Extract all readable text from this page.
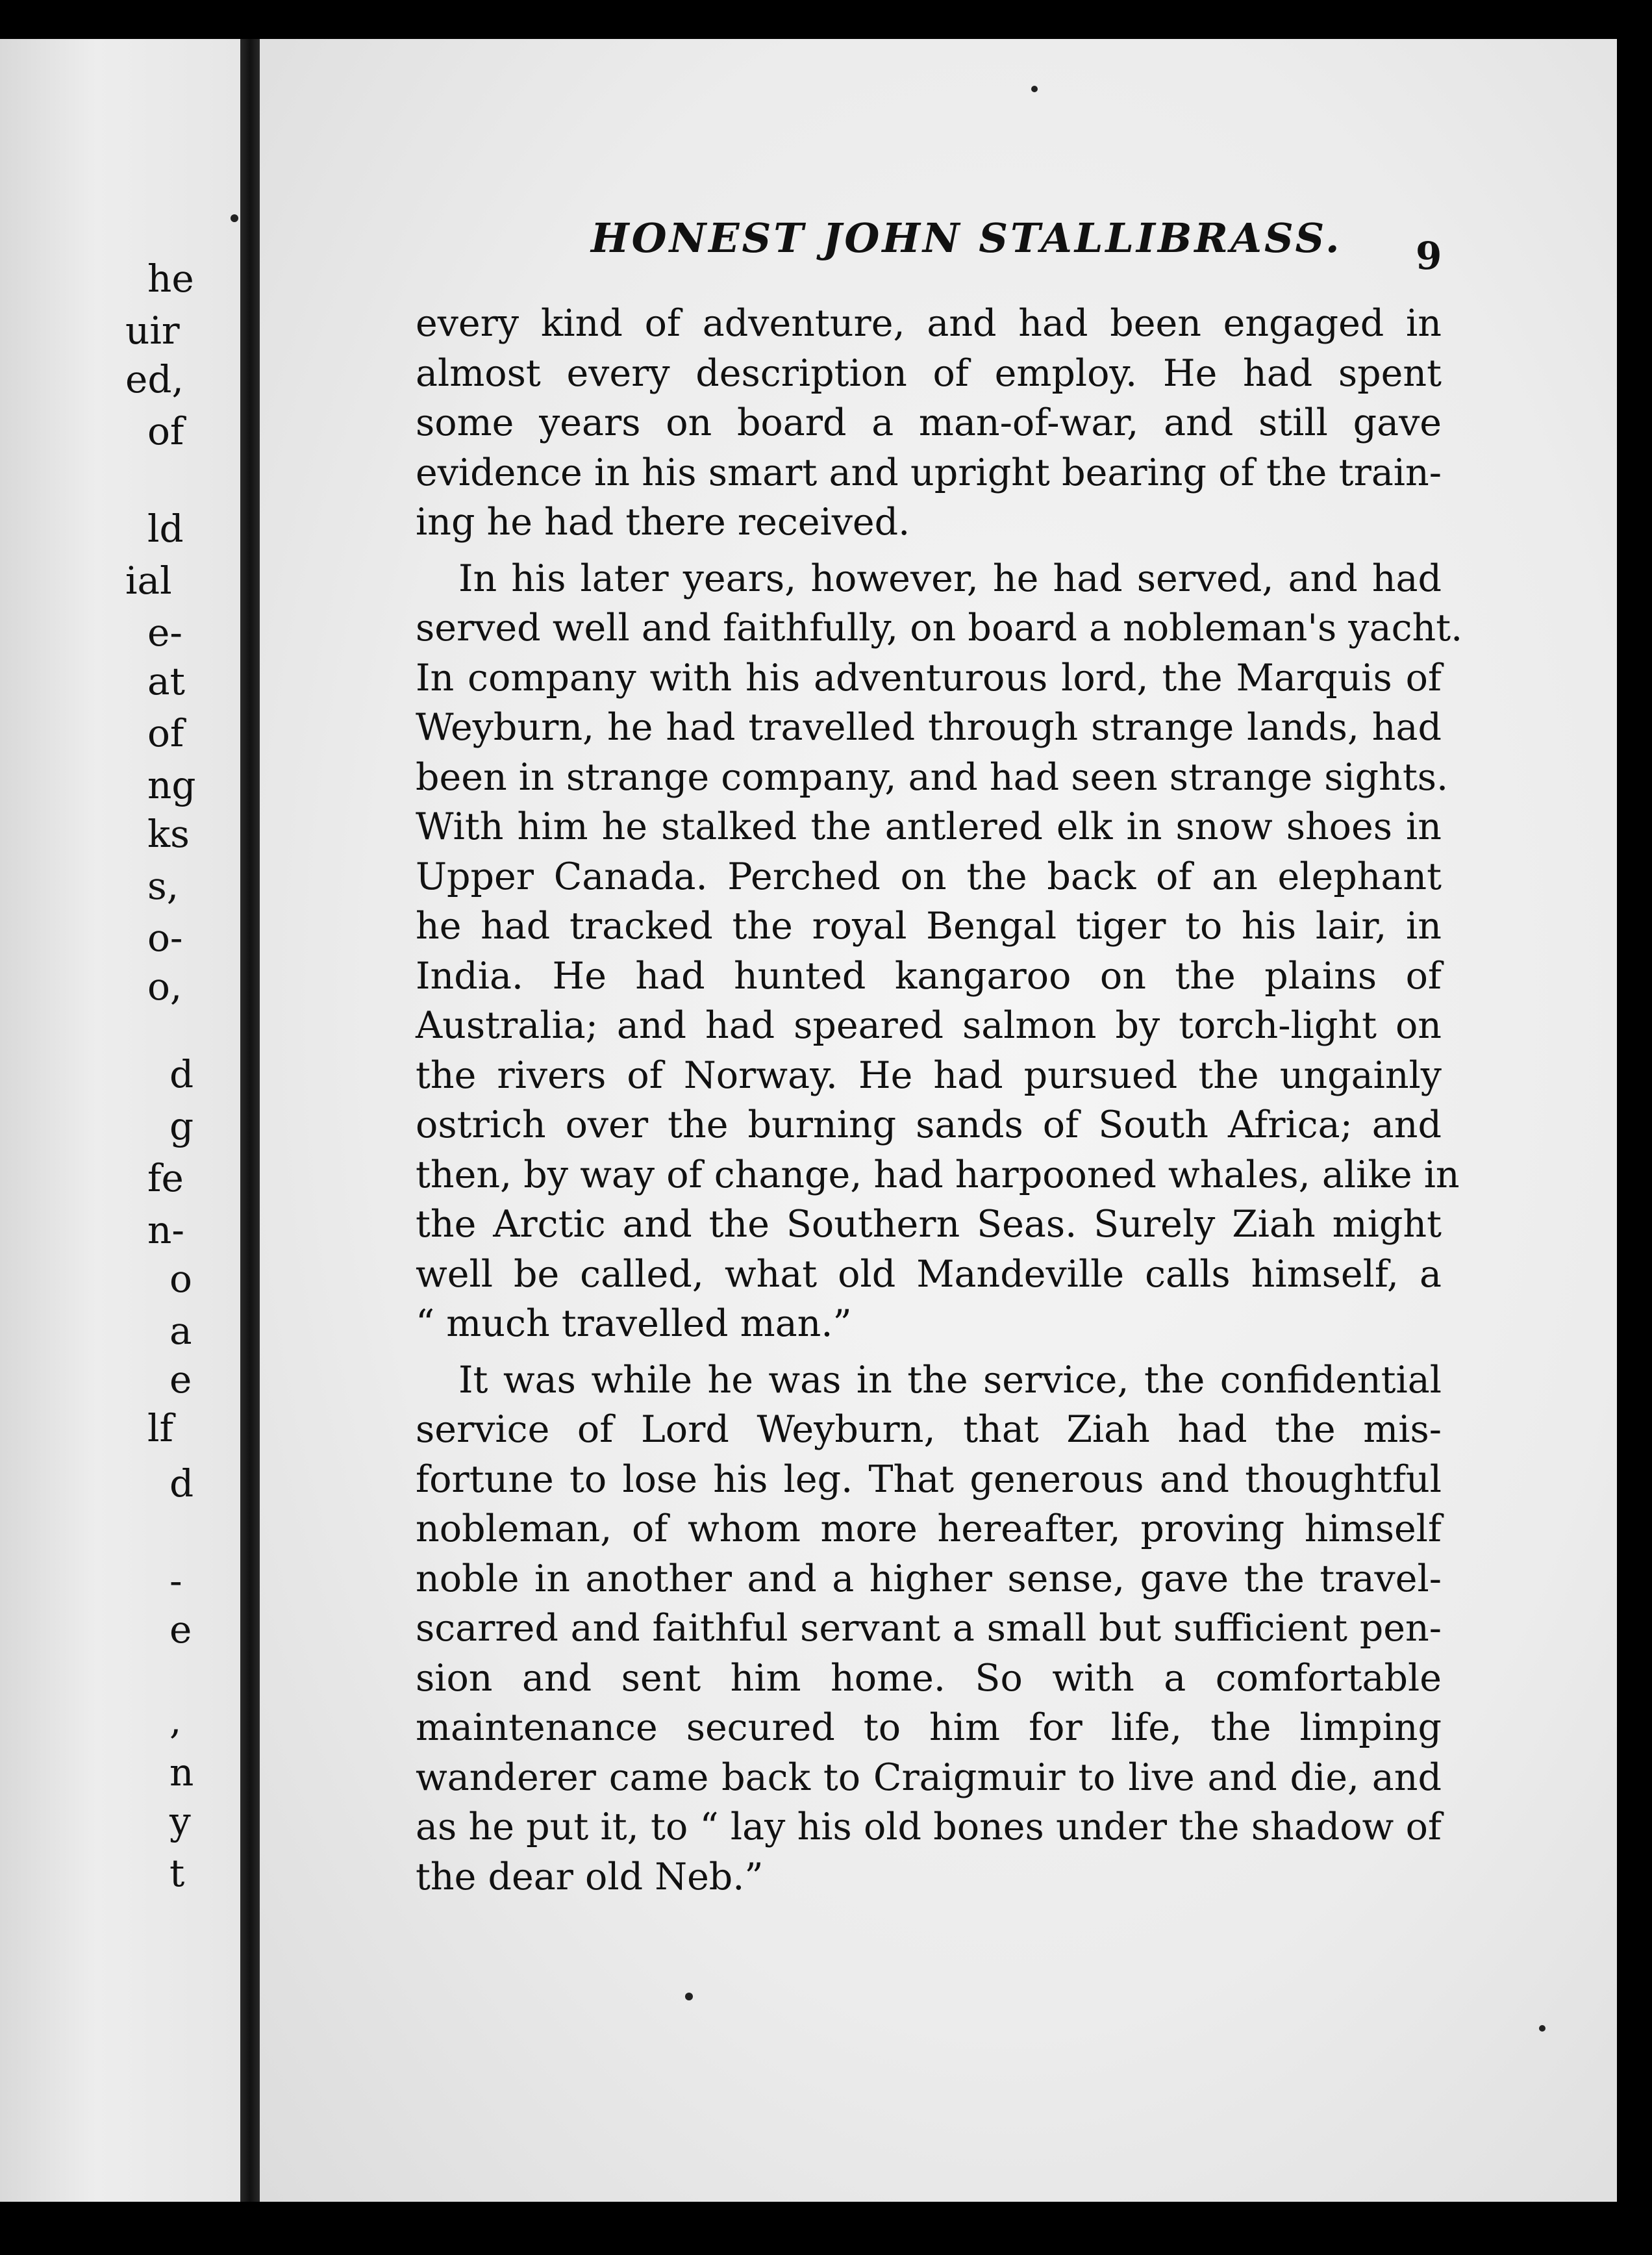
he
uir
ed,
of
ld
ial
e-
at
of
ng
ks
s,
o-
o,
d
g
fe
n-
o
a
e
lf
d
-
e
,
n
y
t
HONEST JOHN STALLIBRASS. 9
every kind of adventure, and had been engaged in
almost every description of employ. He had spent
some years on board a man-of-war, and still gave
evidence in his smart and upright bearing of the train-
ing he had there received.
In his later years, however, he had served, and had
served well and faithfully, on board a nobleman's yacht.
In company with his adventurous lord, the Marquis of
Weyburn, he had travelled through strange lands, had
been in strange company, and had seen strange sights.
With him he stalked the antlered elk in snow shoes in
Upper Canada. Perched on the back of an elephant
he had tracked the royal Bengal tiger to his lair, in
India. He had hunted kangaroo on the plains of
Australia; and had speared salmon by torch-light on
the rivers of Norway. He had pursued the ungainly
ostrich over the burning sands of South Africa; and
then, by way of change, had harpooned whales, alike in
the Arctic and the Southern Seas. Surely Ziah might
well be called, what old Mandeville calls himself, a
“ much travelled man.”
It was while he was in the service, the confidential
service of Lord Weyburn, that Ziah had the mis-
fortune to lose his leg. That generous and thoughtful
nobleman, of whom more hereafter, proving himself
noble in another and a higher sense, gave the travel-
scarred and faithful servant a small but sufficient pen-
sion and sent him home. So with a comfortable
maintenance secured to him for life, the limping
wanderer came back to Craigmuir to live and die, and
as he put it, to “ lay his old bones under the shadow of
the dear old Neb.”
